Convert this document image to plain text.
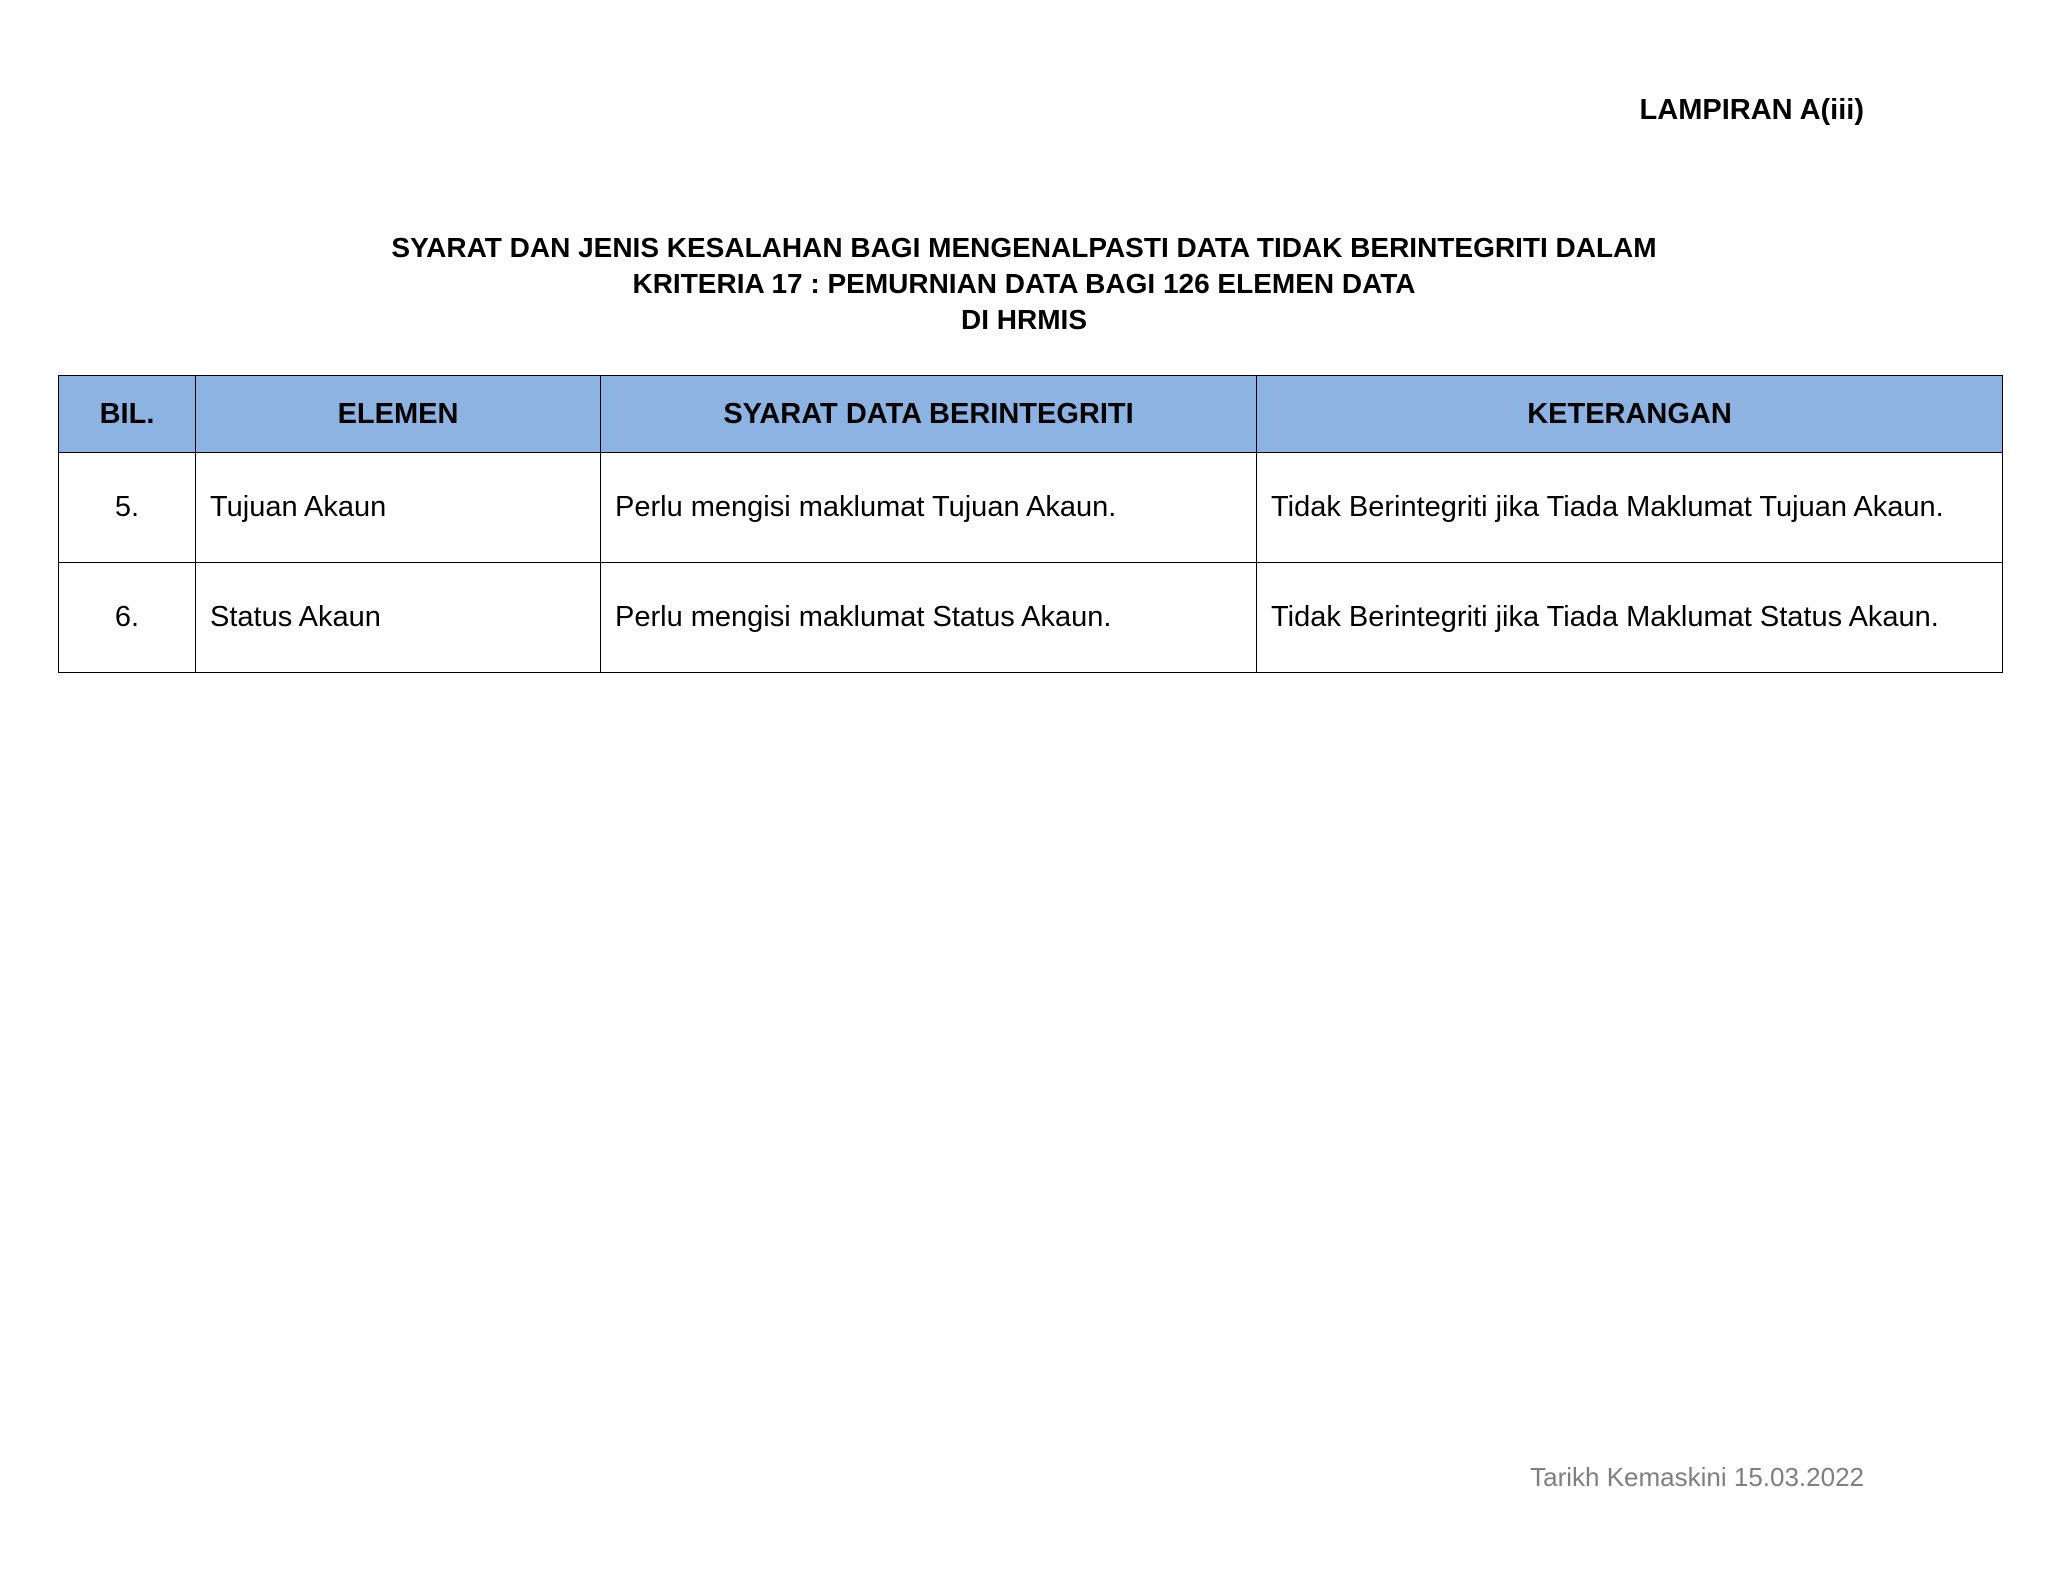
LAMPIRAN A(iii)
SYARAT DAN JENIS KESALAHAN BAGI MENGENALPASTI DATA TIDAK BERINTEGRITI DALAM
KRITERIA 17 : PEMURNIAN DATA BAGI 126 ELEMEN DATA
DI HRMIS
BIL.	ELEMEN	SYARAT DATA BERINTEGRITI	KETERANGAN
5.	Tujuan Akaun	Perlu mengisi maklumat Tujuan Akaun.	Tidak Berintegriti jika Tiada Maklumat Tujuan Akaun.
6.	Status Akaun	Perlu mengisi maklumat Status Akaun.	Tidak Berintegriti jika Tiada Maklumat Status Akaun.
Tarikh Kemaskini 15.03.2022
